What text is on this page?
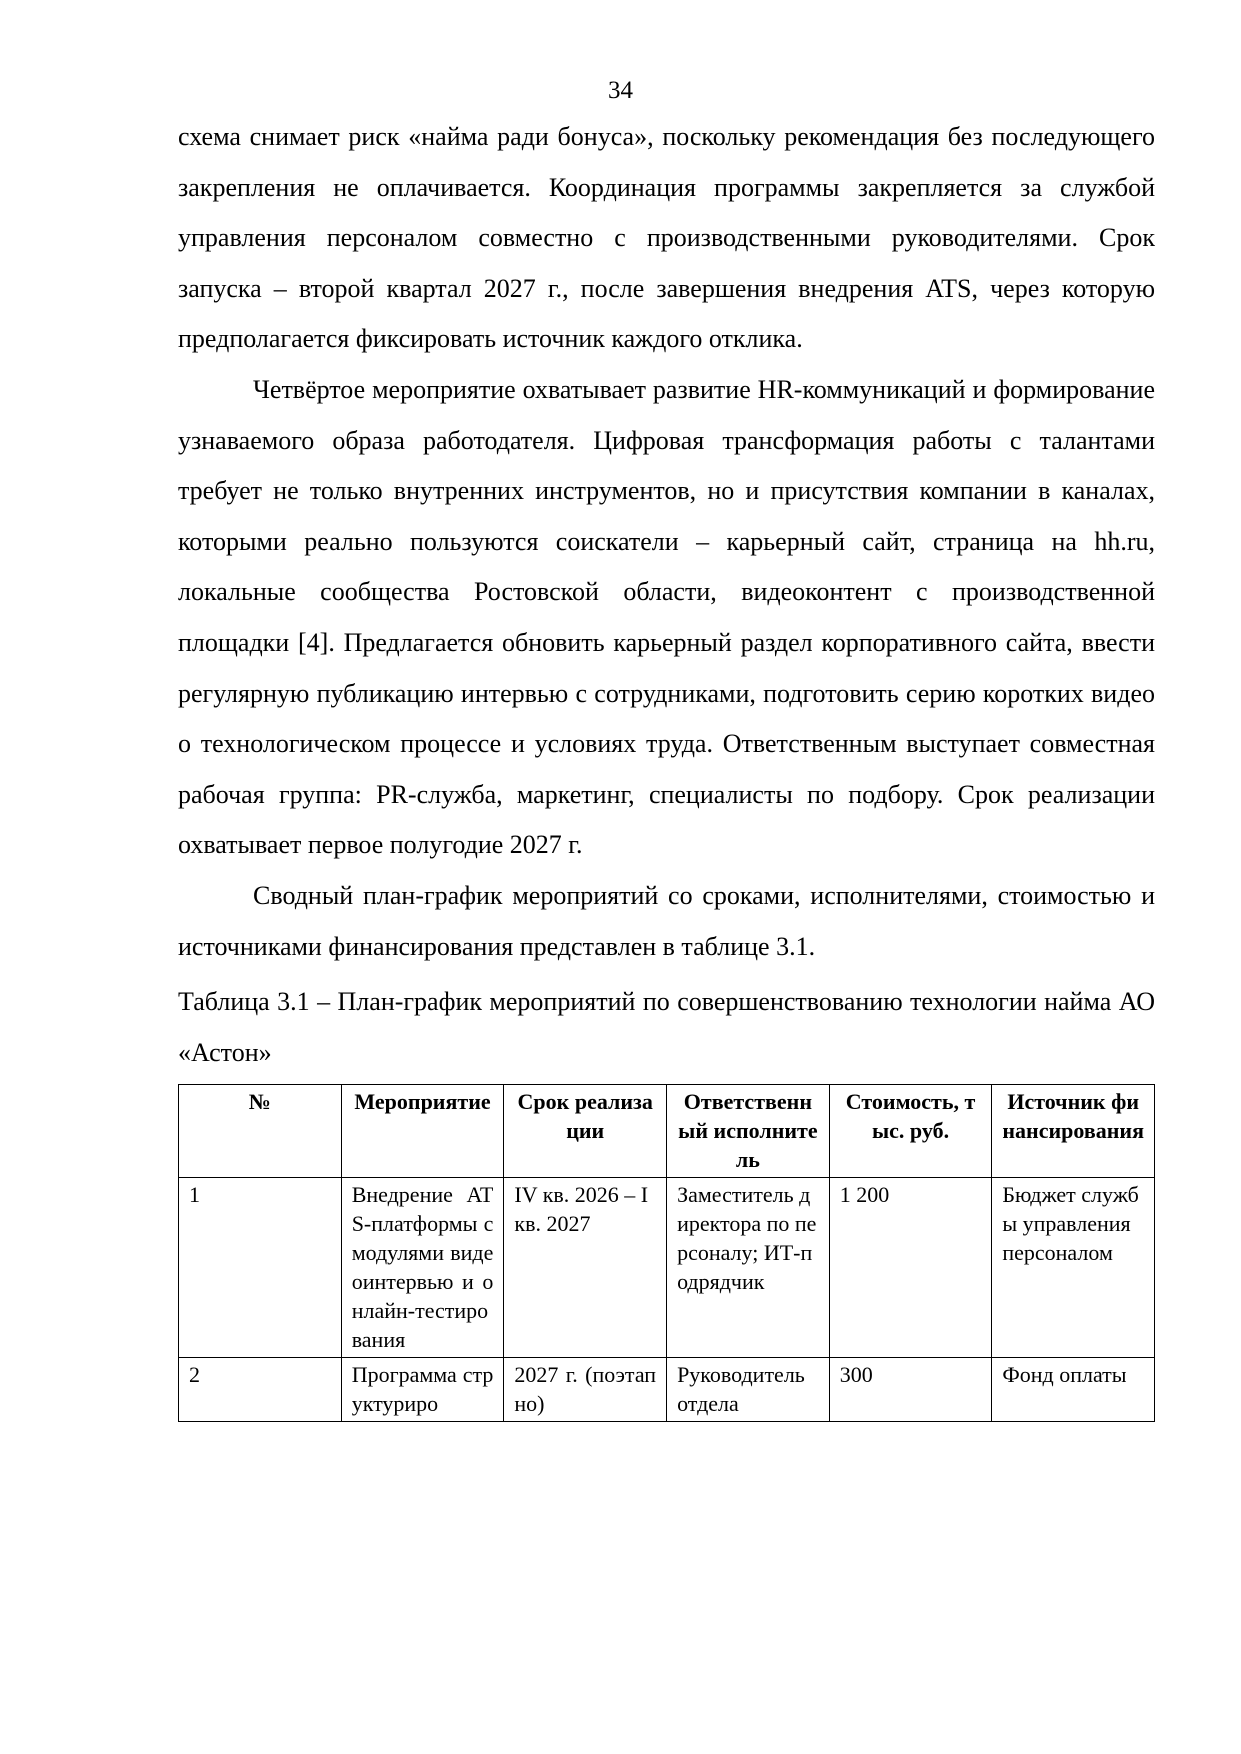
34

схема снимает риск «найма ради бонуса», поскольку рекомендация без последующего закрепления не оплачивается. Координация программы закрепляется за службой управления персоналом совместно с производственными руководителями. Срок запуска – второй квартал 2027 г., после завершения внедрения ATS, через которую предполагается фиксировать источник каждого отклика.

Четвёртое мероприятие охватывает развитие HR-коммуникаций и формирование узнаваемого образа работодателя. Цифровая трансформация работы с талантами требует не только внутренних инструментов, но и присутствия компании в каналах, которыми реально пользуются соискатели – карьерный сайт, страница на hh.ru, локальные сообщества Ростовской области, видеоконтент с производственной площадки [4]. Предлагается обновить карьерный раздел корпоративного сайта, ввести регулярную публикацию интервью с сотрудниками, подготовить серию коротких видео о технологическом процессе и условиях труда. Ответственным выступает совместная рабочая группа: PR-служба, маркетинг, специалисты по подбору. Срок реализации охватывает первое полугодие 2027 г.

Сводный план-график мероприятий со сроками, исполнителями, стоимостью и источниками финансирования представлен в таблице 3.1.

Таблица 3.1 – План-график мероприятий по совершенствованию технологии найма АО «Астон»

№	Мероприятие	Срок реализации	Ответственный исполнитель	Стоимость, тыс. руб.	Источник финансирования

1	Внедрение ATS-платформы с модулями видеоинтервью и онлайн-тестирования	IV кв. 2026 – I кв. 2027	Заместитель директора по персоналу; ИТ-подрядчик	1 200	Бюджет службы управления персоналом

2	Программа структуриро	2027 г. (поэтапно)	Руководитель отдела	300	Фонд оплаты
